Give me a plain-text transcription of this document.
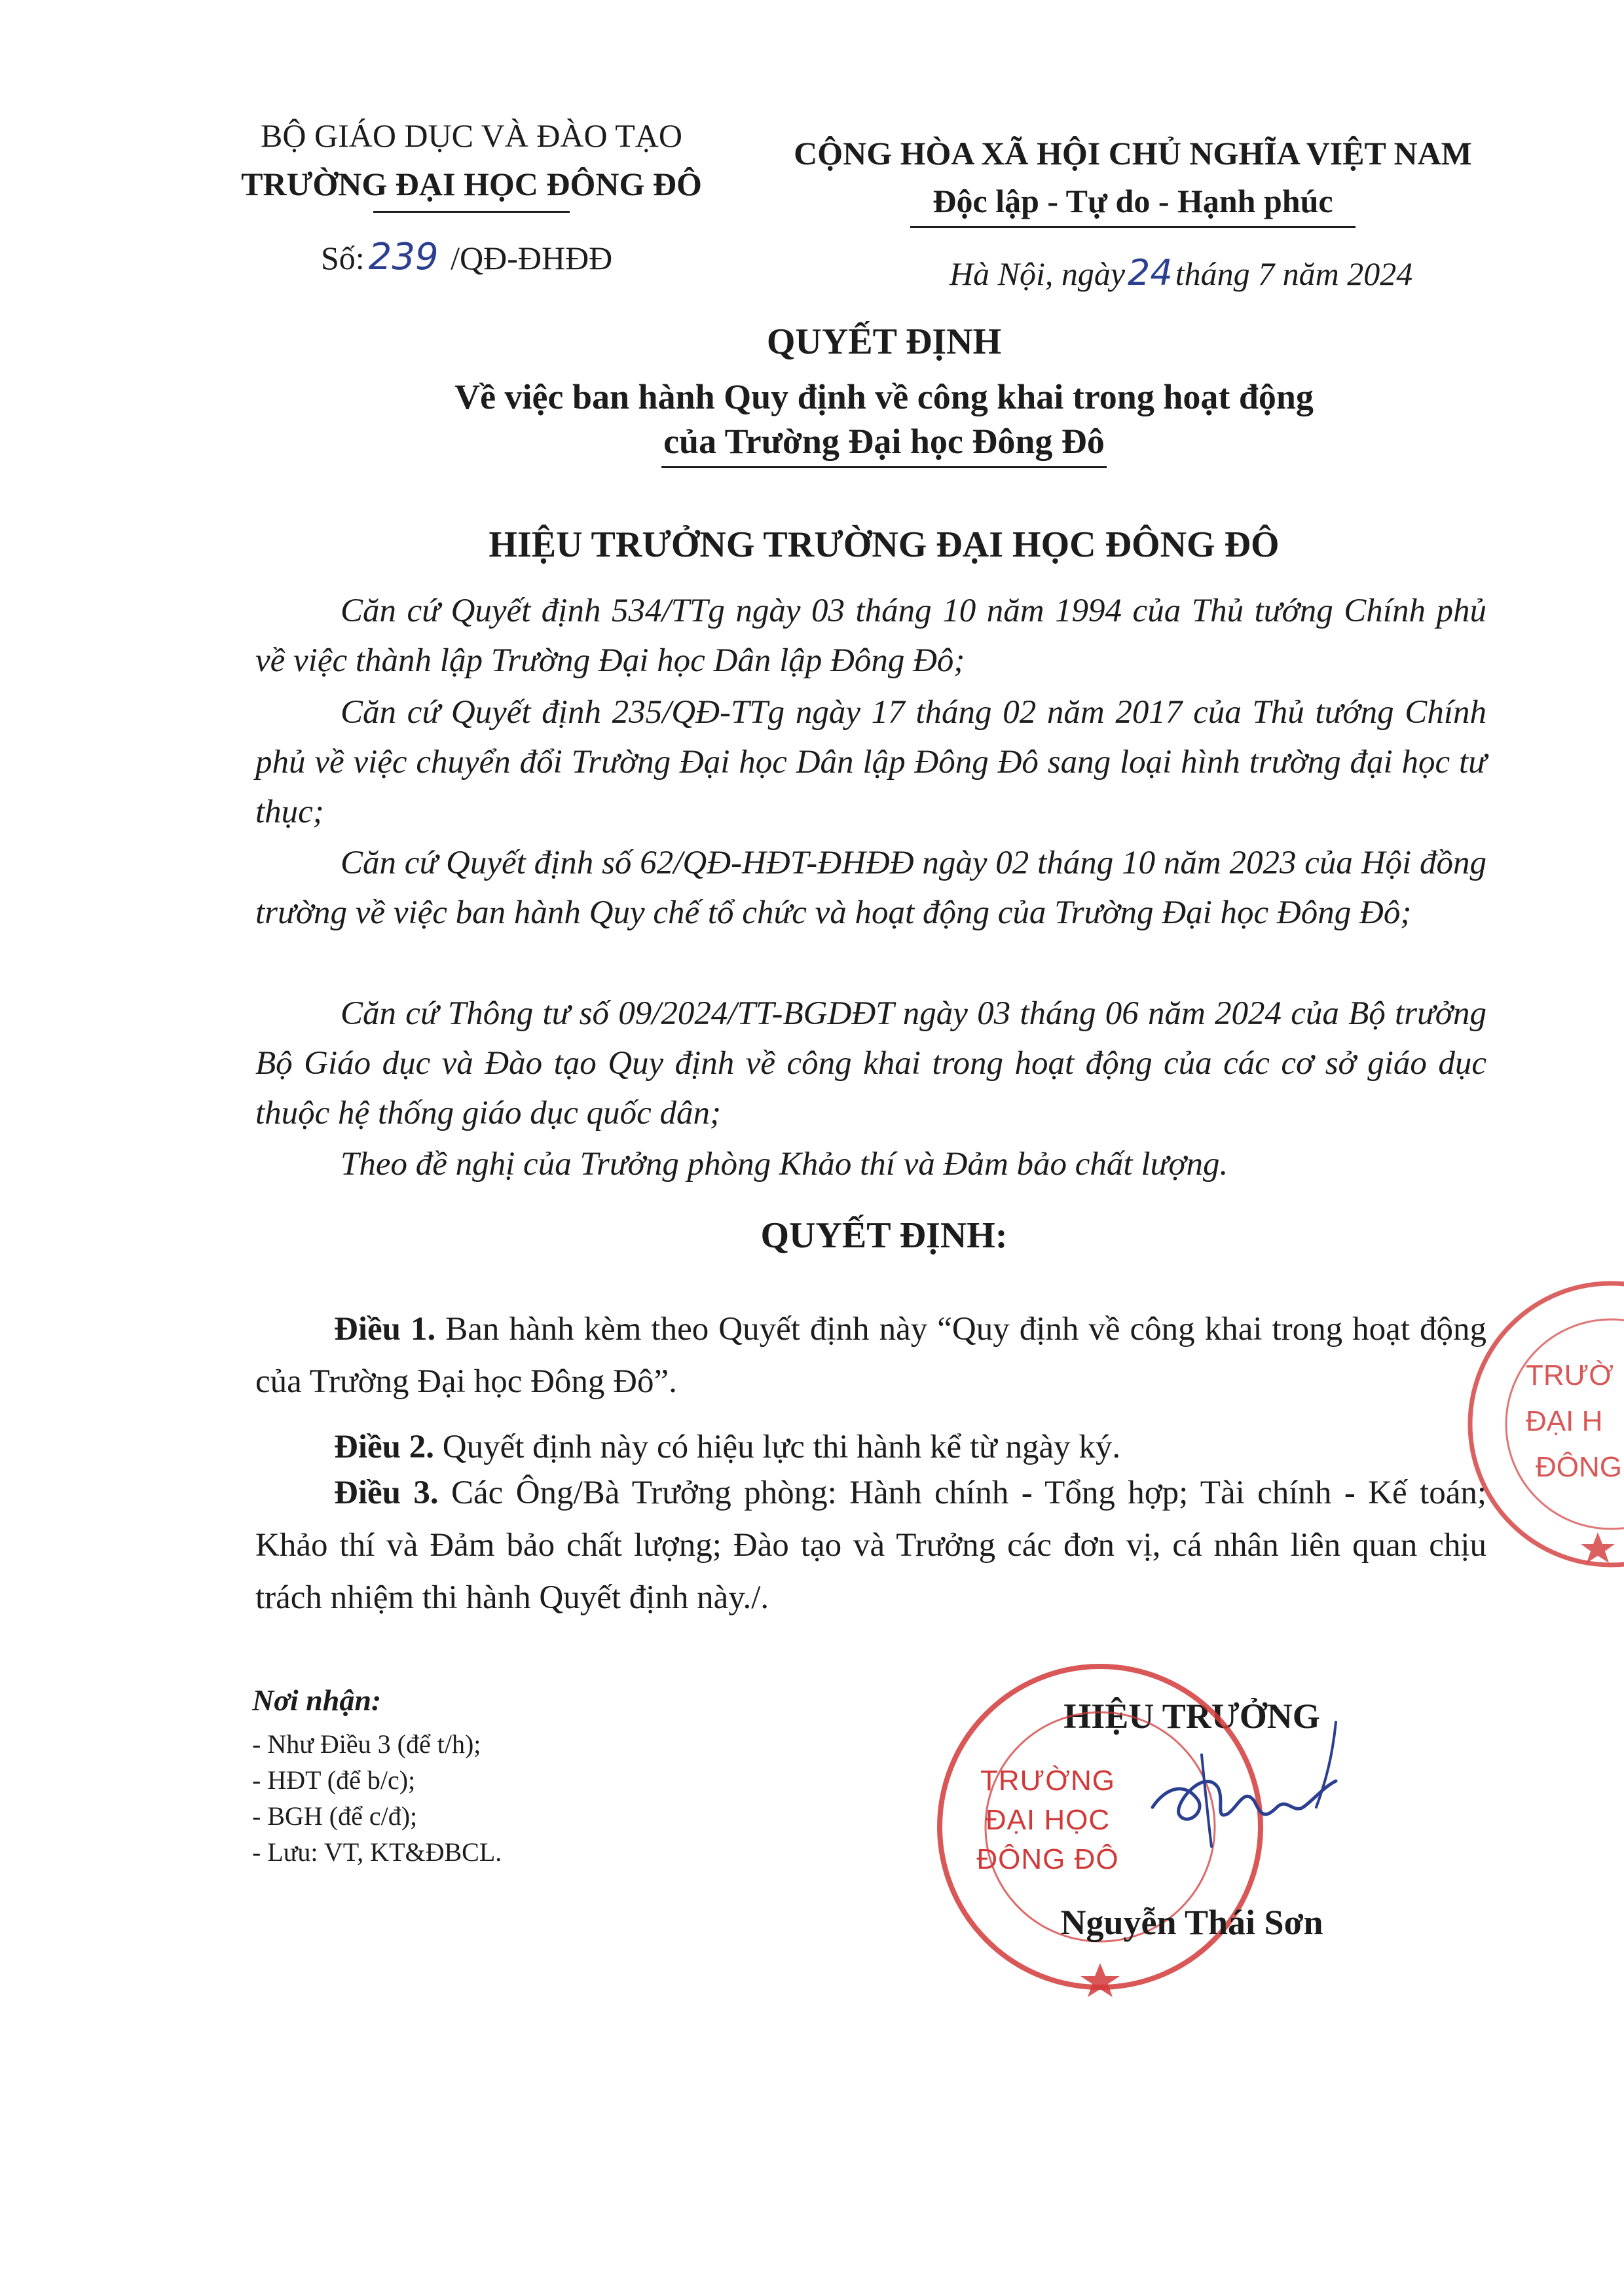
BỘ GIÁO DỤC VÀ ĐÀO TẠO
TRƯỜNG ĐẠI HỌC ĐÔNG ĐÔ
Số: 239 /QĐ-ĐHĐĐ
CỘNG HÒA XÃ HỘI CHỦ NGHĨA VIỆT NAM
Độc lập - Tự do - Hạnh phúc
Hà Nội, ngày24tháng 7 năm 2024
QUYẾT ĐỊNH
Về việc ban hành Quy định về công khai trong hoạt động
của Trường Đại học Đông Đô
HIỆU TRƯỞNG TRƯỜNG ĐẠI HỌC ĐÔNG ĐÔ
Căn cứ Quyết định 534/TTg ngày 03 tháng 10 năm 1994 của Thủ tướng Chính phủ về việc thành lập Trường Đại học Dân lập Đông Đô;
Căn cứ Quyết định 235/QĐ-TTg ngày 17 tháng 02 năm 2017 của Thủ tướng Chính phủ về việc chuyển đổi Trường Đại học Dân lập Đông Đô sang loại hình trường đại học tư thục;
Căn cứ Quyết định số 62/QĐ-HĐT-ĐHĐĐ ngày 02 tháng 10 năm 2023 của Hội đồng trường về việc ban hành Quy chế tổ chức và hoạt động của Trường Đại học Đông Đô;
Căn cứ Thông tư số 09/2024/TT-BGDĐT ngày 03 tháng 06 năm 2024 của Bộ trưởng Bộ Giáo dục và Đào tạo Quy định về công khai trong hoạt động của các cơ sở giáo dục thuộc hệ thống giáo dục quốc dân;
Theo đề nghị của Trưởng phòng Khảo thí và Đảm bảo chất lượng.
QUYẾT ĐỊNH:
Điều 1. Ban hành kèm theo Quyết định này “Quy định về công khai trong hoạt động của Trường Đại học Đông Đô”.
Điều 2. Quyết định này có hiệu lực thi hành kể từ ngày ký.
Điều 3. Các Ông/Bà Trưởng phòng: Hành chính - Tổng hợp; Tài chính - Kế toán; Khảo thí và Đảm bảo chất lượng; Đào tạo và Trưởng các đơn vị, cá nhân liên quan chịu trách nhiệm thi hành Quyết định này./.
TRƯỜ
ĐẠI H
ĐÔNG
Nơi nhận:
- Như Điều 3 (để t/h);
- HĐT (để b/c);
- BGH (để c/đ);
- Lưu: VT, KT&ĐBCL.
HIỆU TRƯỞNG
TRƯỜNG
ĐẠI HỌC
ĐÔNG ĐÔ
Nguyễn Thái Sơn
